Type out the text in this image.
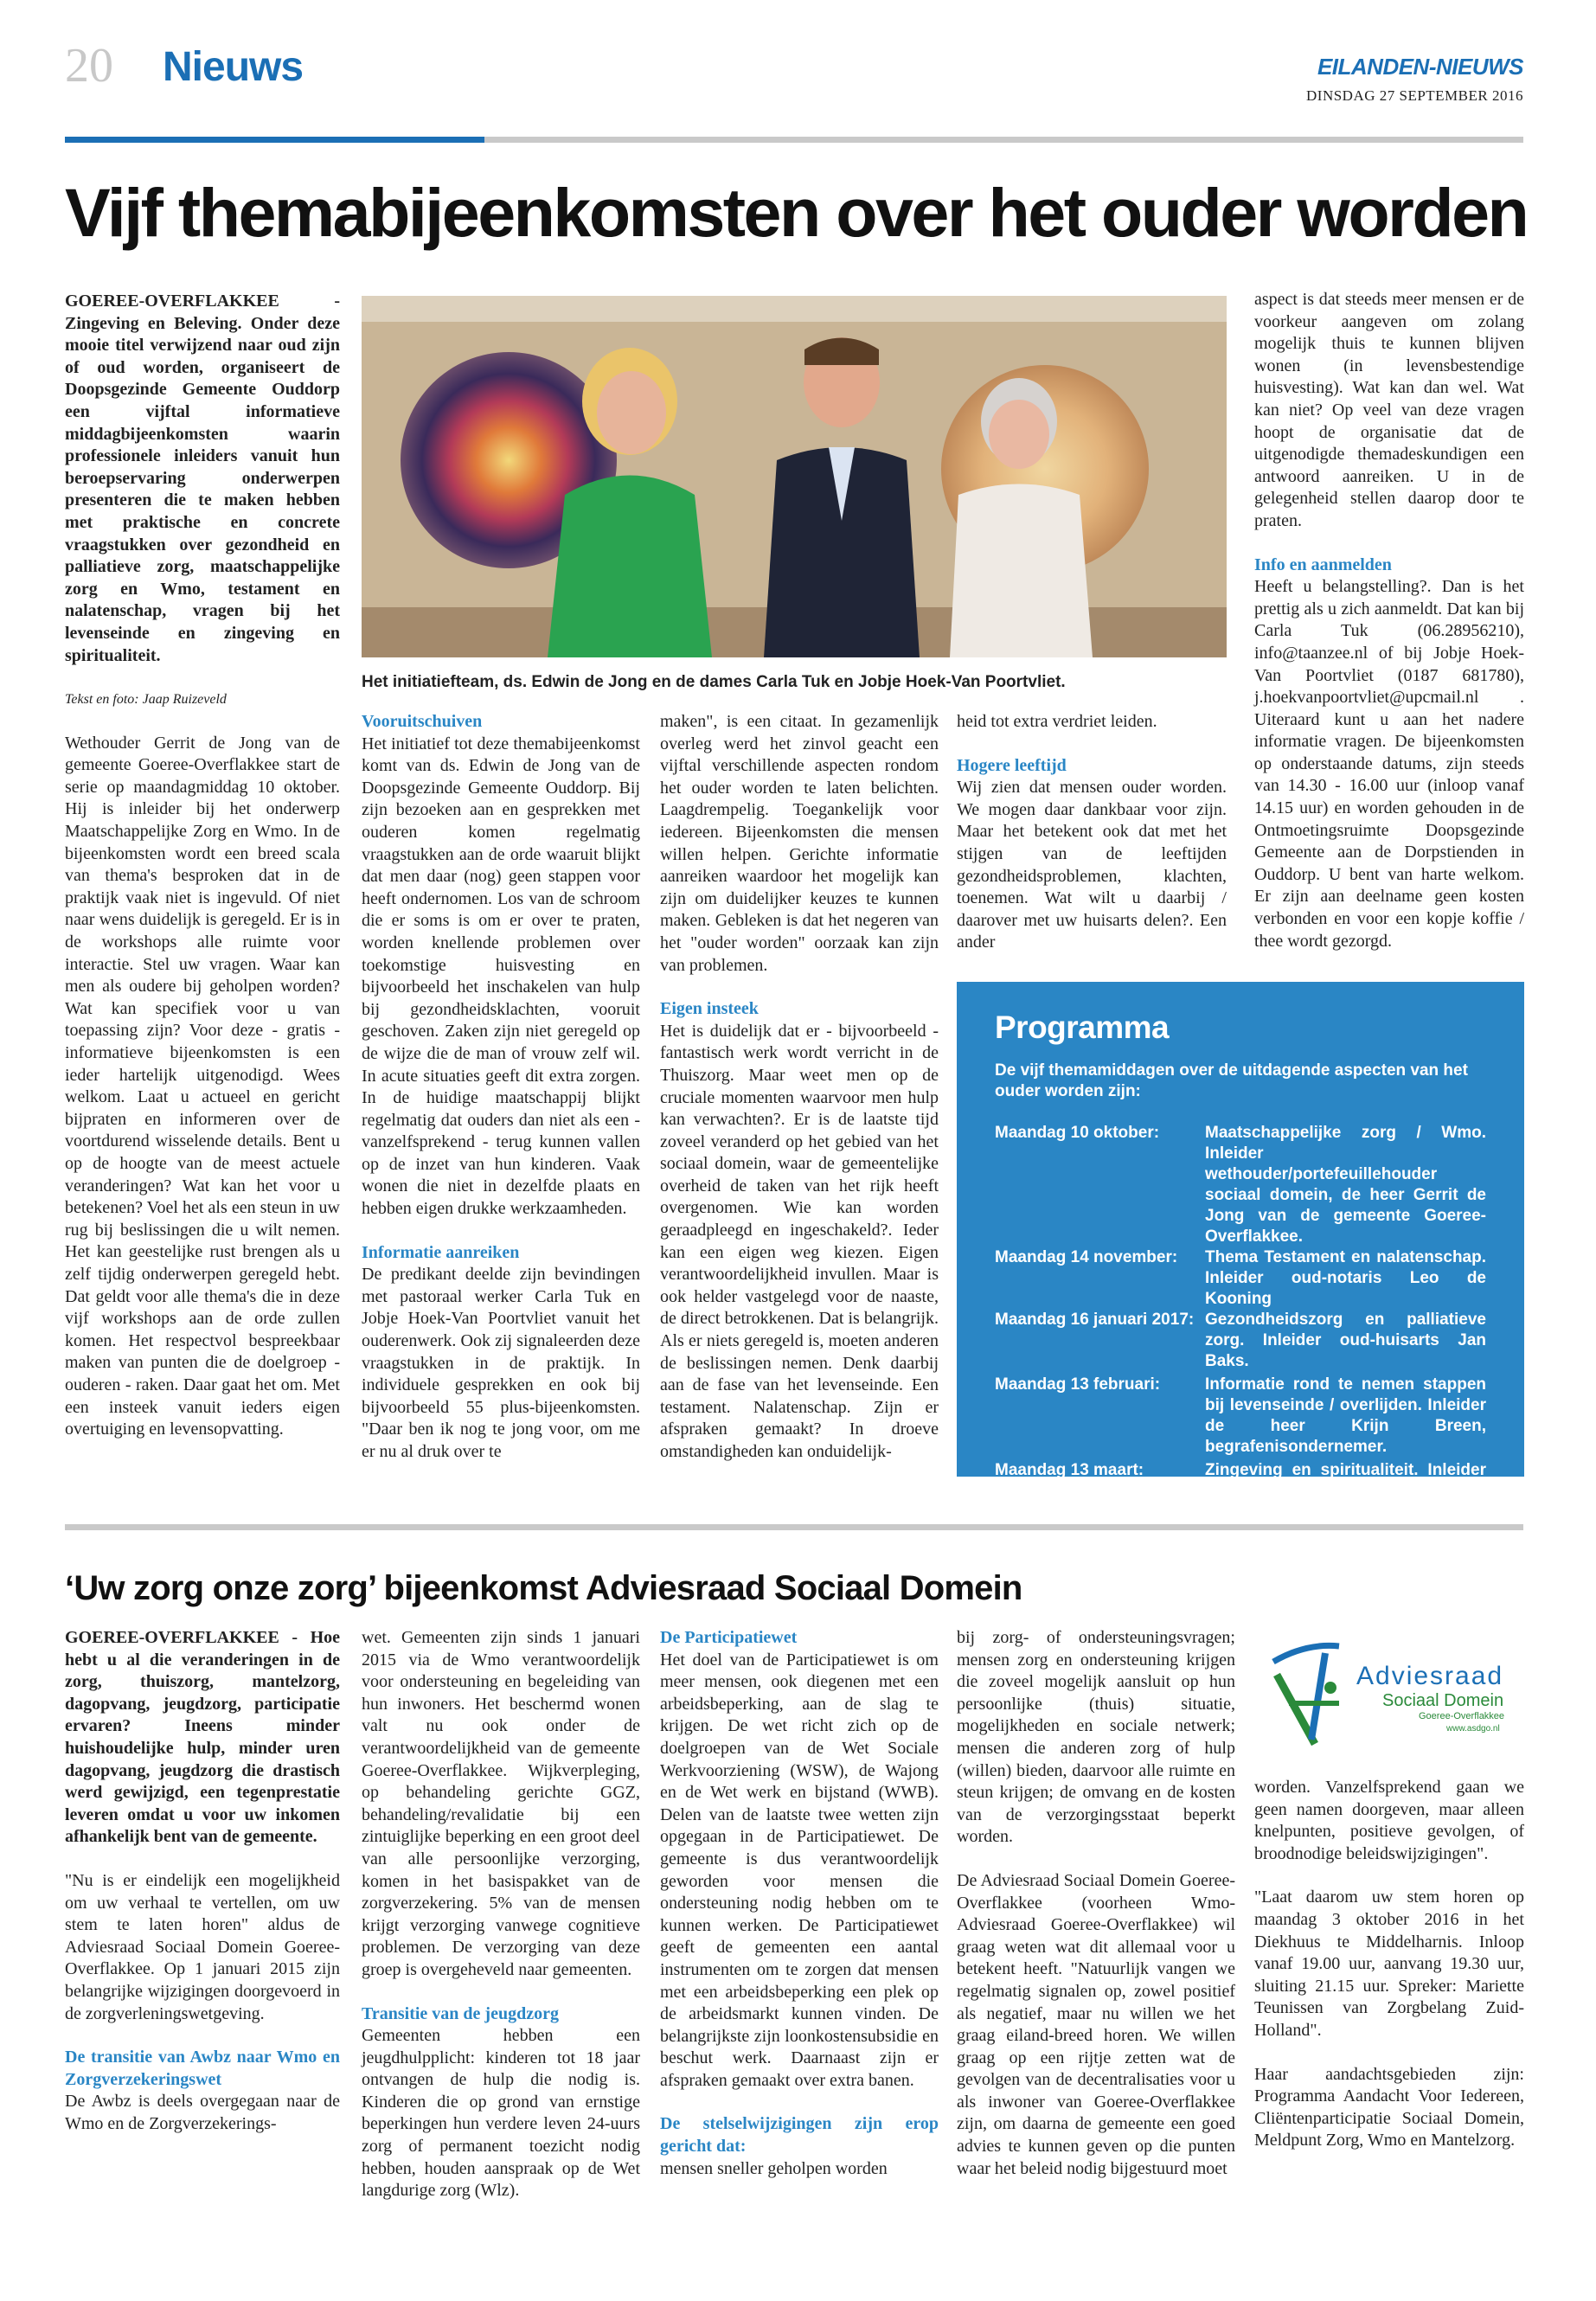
20 Nieuws	EILANDEN-NIEUWS
DINSDAG 27 SEPTEMBER 2016
Vijf themabijeenkomsten over het ouder worden

GOEREE-OVERFLAKKEE - Zingeving en Beleving. Onder deze mooie titel verwijzend naar oud zijn of oud worden, organiseert de Doopsgezinde Gemeente Ouddorp een vijftal informatieve middagbijeenkomsten waarin professionele inleiders vanuit hun beroepservaring onderwerpen presenteren die te maken hebben met praktische en concrete vraagstukken over gezondheid en palliatieve zorg, maatschappelijke zorg en Wmo, testament en nalatenschap, vragen bij het levenseinde en zingeving en spiritualiteit.

Tekst en foto: Jaap Ruizeveld

Wethouder Gerrit de Jong van de gemeente Goeree-Overflakkee start de serie op maandagmiddag 10 oktober. Hij is inleider bij het onderwerp Maatschappelijke Zorg en Wmo. In de bijeenkomsten wordt een breed scala van thema's besproken dat in de praktijk vaak niet is ingevuld. Of niet naar wens duidelijk is geregeld. Er is in de workshops alle ruimte voor interactie. Stel uw vragen. Waar kan men als oudere bij geholpen worden? Wat kan specifiek voor u van toepassing zijn? Voor deze - gratis - informatieve bijeenkomsten is een ieder hartelijk uitgenodigd. Wees welkom. Laat u actueel en gericht bijpraten en informeren over de voortdurend wisselende details. Bent u op de hoogte van de meest actuele veranderingen? Wat kan het voor u betekenen? Voel het als een steun in uw rug bij beslissingen die u wilt nemen. Het kan geestelijke rust brengen als u zelf tijdig onderwerpen geregeld hebt. Dat geldt voor alle thema's die in deze vijf workshops aan de orde zullen komen. Het respectvol bespreekbaar maken van punten die de doelgroep - ouderen - raken. Daar gaat het om. Met een insteek vanuit ieders eigen overtuiging en levensopvatting.

Het initiatiefteam, ds. Edwin de Jong en de dames Carla Tuk en Jobje Hoek-Van Poortvliet.
Vooruitschuiven

Het initiatief tot deze themabijeenkomst komt van ds. Edwin de Jong van de Doopsgezinde Gemeente Ouddorp. Bij zijn bezoeken aan en gesprekken met ouderen komen regelmatig vraagstukken aan de orde waaruit blijkt dat men daar (nog) geen stappen voor heeft ondernomen. Los van de schroom die er soms is om er over te praten, worden knellende problemen over toekomstige huisvesting en bijvoorbeeld het inschakelen van hulp bij gezondheidsklachten, vooruit geschoven. Zaken zijn niet geregeld op de wijze die de man of vrouw zelf wil. In acute situaties geeft dit extra zorgen. In de huidige maatschappij blijkt regelmatig dat ouders dan niet als een - vanzelfsprekend - terug kunnen vallen op de inzet van hun kinderen. Vaak wonen die niet in dezelfde plaats en hebben eigen drukke werkzaamheden.

Informatie aanreiken

De predikant deelde zijn bevindingen met pastoraal werker Carla Tuk en Jobje Hoek-Van Poortvliet vanuit het ouderenwerk. Ook zij signaleerden deze vraagstukken in de praktijk. In individuele gesprekken en ook bij bijvoorbeeld 55 plus-bijeenkomsten. "Daar ben ik nog te jong voor, om me er nu al druk over te

maken", is een citaat. In gezamenlijk overleg werd het zinvol geacht een vijftal verschillende aspecten rondom het ouder worden te laten belichten. Laagdrempelig. Toegankelijk voor iedereen. Bijeenkomsten die mensen willen helpen. Gerichte informatie aanreiken waardoor het mogelijk kan zijn om duidelijker keuzes te kunnen maken. Gebleken is dat het negeren van het "ouder worden" oorzaak kan zijn van problemen.

Eigen insteek

Het is duidelijk dat er - bijvoorbeeld - fantastisch werk wordt verricht in de Thuiszorg. Maar weet men op de cruciale momenten waarvoor men hulp kan verwachten?. Er is de laatste tijd zoveel veranderd op het gebied van het sociaal domein, waar de gemeentelijke overheid de taken van het rijk heeft overgenomen. Wie kan worden geraadpleegd en ingeschakeld?. Ieder kan een eigen weg kiezen. Eigen verantwoordelijkheid invullen. Maar is ook helder vastgelegd voor de naaste, de direct betrokkenen. Dat is belangrijk. Als er niets geregeld is, moeten anderen de beslissingen nemen. Denk daarbij aan de fase van het levenseinde. Een testament. Nalatenschap. Zijn er afspraken gemaakt? In droeve omstandigheden kan onduidelijk-

heid tot extra verdriet leiden.

Hogere leeftijd

Wij zien dat mensen ouder worden. We mogen daar dankbaar voor zijn. Maar het betekent ook dat met het stijgen van de leeftijden gezondheidsproblemen, klachten, toenemen. Wat wilt u daarbij / daarover met uw huisarts delen?. Een ander

aspect is dat steeds meer mensen er de voorkeur aangeven om zolang mogelijk thuis te kunnen blijven wonen (in levensbestendige huisvesting). Wat kan dan wel. Wat kan niet? Op veel van deze vragen hoopt de organisatie dat de uitgenodigde themadeskundigen een antwoord aanreiken. U in de gelegenheid stellen daarop door te praten.

Info en aanmelden

Heeft u belangstelling?. Dan is het prettig als u zich aanmeldt. Dat kan bij Carla Tuk (06.28956210), info@taanzee.nl of bij Jobje Hoek-Van Poortvliet (0187 681780), j.hoekvanpoortvliet@upcmail.nl . Uiteraard kunt u aan het nadere informatie vragen. De bijeenkomsten op onderstaande datums, zijn steeds van 14.30 - 16.00 uur (inloop vanaf 14.15 uur) en worden gehouden in de Ontmoetingsruimte Doopsgezinde Gemeente aan de Dorpstienden in Ouddorp. U bent van harte welkom. Er zijn aan deelname geen kosten verbonden en voor een kopje koffie / thee wordt gezorgd.

Programma
De vijf themamiddagen over de uitdagende aspecten van het ouder worden zijn:
Maandag 10 oktober:	Maatschappelijke zorg / Wmo. Inleider wethouder/portefeuillehouder sociaal domein, de heer Gerrit de Jong van de gemeente Goeree-Overflakkee.
Maandag 14 november:	Thema Testament en nalatenschap. Inleider oud-notaris Leo de Kooning
Maandag 16 januari 2017: Gezondheidszorg en palliatieve zorg. Inleider oud-huisarts Jan Baks.
Maandag 13 februari:	Informatie rond te nemen stappen bij levenseinde / overlijden. Inleider de heer Krijn Breen, begrafenisondernemer.
Maandag 13 maart:	Zingeving en spiritualiteit. Inleider ds. Edwin de Jong.
‘Uw zorg onze zorg’ bijeenkomst Adviesraad Sociaal Domein

GOEREE-OVERFLAKKEE - Hoe hebt u al die veranderingen in de zorg, thuiszorg, mantelzorg, dagopvang, jeugdzorg, participatie ervaren? Ineens minder huishoudelijke hulp, minder uren dagopvang, jeugdzorg die drastisch werd gewijzigd, een tegenprestatie leveren omdat u voor uw inkomen afhankelijk bent van de gemeente.

"Nu is er eindelijk een mogelijkheid om uw verhaal te vertellen, om uw stem te laten horen" aldus de Adviesraad Sociaal Domein Goeree-Overflakkee. Op 1 januari 2015 zijn belangrijke wijzigingen doorgevoerd in de zorgverleningswetgeving.

De transitie van Awbz naar Wmo en Zorgverzekeringswet

De Awbz is deels overgegaan naar de Wmo en de Zorgverzekerings-

wet. Gemeenten zijn sinds 1 januari 2015 via de Wmo verantwoordelijk voor ondersteuning en begeleiding van hun inwoners. Het beschermd wonen valt nu ook onder de verantwoordelijkheid van de gemeente Goeree-Overflakkee. Wijkverpleging, op behandeling gerichte GGZ, behandeling/revalidatie bij een zintuiglijke beperking en een groot deel van alle persoonlijke verzorging, komen in het basispakket van de zorgverzekering. 5% van de mensen krijgt verzorging vanwege cognitieve problemen. De verzorging van deze groep is overgeheveld naar gemeenten.

Transitie van de jeugdzorg

Gemeenten hebben een jeugdhulpplicht: kinderen tot 18 jaar ontvangen de hulp die nodig is. Kinderen die op grond van ernstige beperkingen hun verdere leven 24-uurs zorg of permanent toezicht nodig hebben, houden aanspraak op de Wet langdurige zorg (Wlz).

De Participatiewet

Het doel van de Participatiewet is om meer mensen, ook diegenen met een arbeidsbeperking, aan de slag te krijgen. De wet richt zich op de doelgroepen van de Wet Sociale Werkvoorziening (WSW), de Wajong en de Wet werk en bijstand (WWB). Delen van de laatste twee wetten zijn opgegaan in de Participatiewet. De gemeente is dus verantwoordelijk geworden voor mensen die ondersteuning nodig hebben om te kunnen werken. De Participatiewet geeft de gemeenten een aantal instrumenten om te zorgen dat mensen met een arbeidsbeperking een plek op de arbeidsmarkt kunnen vinden. De belangrijkste zijn loonkostensubsidie en beschut werk. Daarnaast zijn er afspraken gemaakt over extra banen.

De stelselwijzigingen zijn erop gericht dat:

mensen sneller geholpen worden

bij zorg- of ondersteuningsvragen; mensen zorg en ondersteuning krijgen die zoveel mogelijk aansluit op hun persoonlijke (thuis) situatie, mogelijkheden en sociale netwerk; mensen die anderen zorg of hulp (willen) bieden, daarvoor alle ruimte en steun krijgen; de omvang en de kosten van de verzorgingsstaat beperkt worden.

De Adviesraad Sociaal Domein Goeree-Overflakkee (voorheen Wmo-Adviesraad Goeree-Overflakkee) wil graag weten wat dit allemaal voor u betekent heeft. "Natuurlijk vangen we regelmatig signalen op, zowel positief als negatief, maar nu willen we het graag eiland-breed horen. We willen graag op een rijtje zetten wat de gevolgen van de decentralisaties voor u als inwoner van Goeree-Overflakkee zijn, om daarna de gemeente een goed advies te kunnen geven op die punten waar het beleid nodig bijgestuurd moet

Adviesraad
Sociaal Domein
Goeree-Overflakkee
www.asdgo.nl

worden. Vanzelfsprekend gaan we geen namen doorgeven, maar alleen knelpunten, positieve gevolgen, of broodnodige beleidswijzigingen".

"Laat daarom uw stem horen op maandag 3 oktober 2016 in het Diekhuus te Middelharnis. Inloop vanaf 19.00 uur, aanvang 19.30 uur, sluiting 21.15 uur. Spreker: Mariette Teunissen van Zorgbelang Zuid-Holland".

Haar aandachtsgebieden zijn: Programma Aandacht Voor Iedereen, Cliëntenparticipatie Sociaal Domein, Meldpunt Zorg, Wmo en Mantelzorg.
